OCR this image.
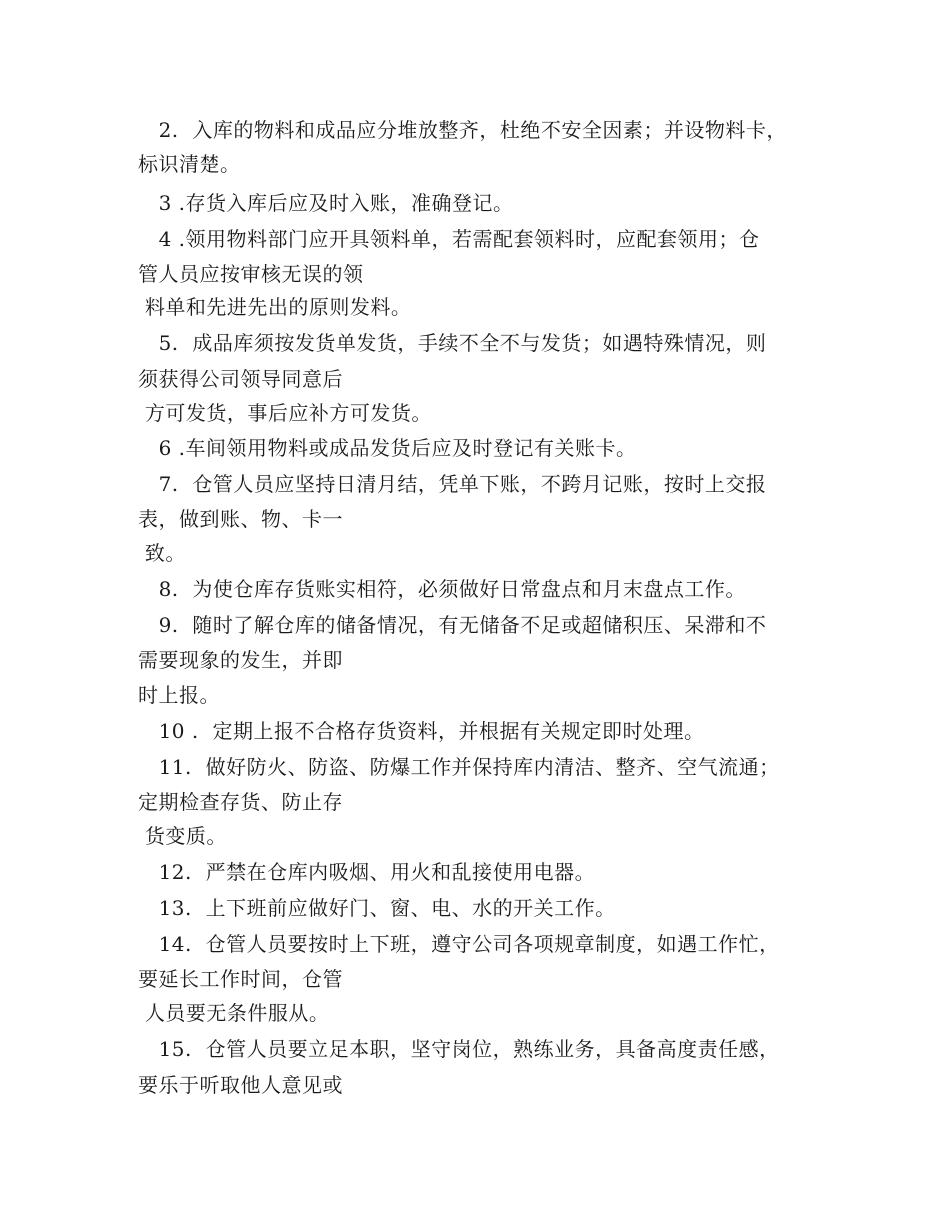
2.  入库的物料和成品应分堆放整齐，杜绝不安全因素；并设物料卡，
标识清楚。
3 .存货入库后应及时入账，准确登记。
4 .领用物料部门应开具领料单，若需配套领料时，应配套领用；仓
管人员应按审核无误的领
料单和先进先出的原则发料。
5.  成品库须按发货单发货，手续不全不与发货；如遇特殊情况，则
须获得公司领导同意后
方可发货，事后应补方可发货。
6 .车间领用物料或成品发货后应及时登记有关账卡。
7.  仓管人员应坚持日清月结，凭单下账，不跨月记账，按时上交报
表，做到账、物、卡一
致。
8.  为使仓库存货账实相符，必须做好日常盘点和月末盘点工作。
9.  随时了解仓库的储备情况，有无储备不足或超储积压、呆滞和不
需要现象的发生，并即
时上报。
10 .  定期上报不合格存货资料，并根据有关规定即时处理。
11.  做好防火、防盗、防爆工作并保持库内清洁、整齐、空气流通；
定期检查存货、防止存
货变质。
12.  严禁在仓库内吸烟、用火和乱接使用电器。
13.  上下班前应做好门、窗、电、水的开关工作。
14.  仓管人员要按时上下班，遵守公司各项规章制度，如遇工作忙，
要延长工作时间，仓管
人员要无条件服从。
15.  仓管人员要立足本职，坚守岗位，熟练业务，具备高度责任感，
要乐于听取他人意见或
